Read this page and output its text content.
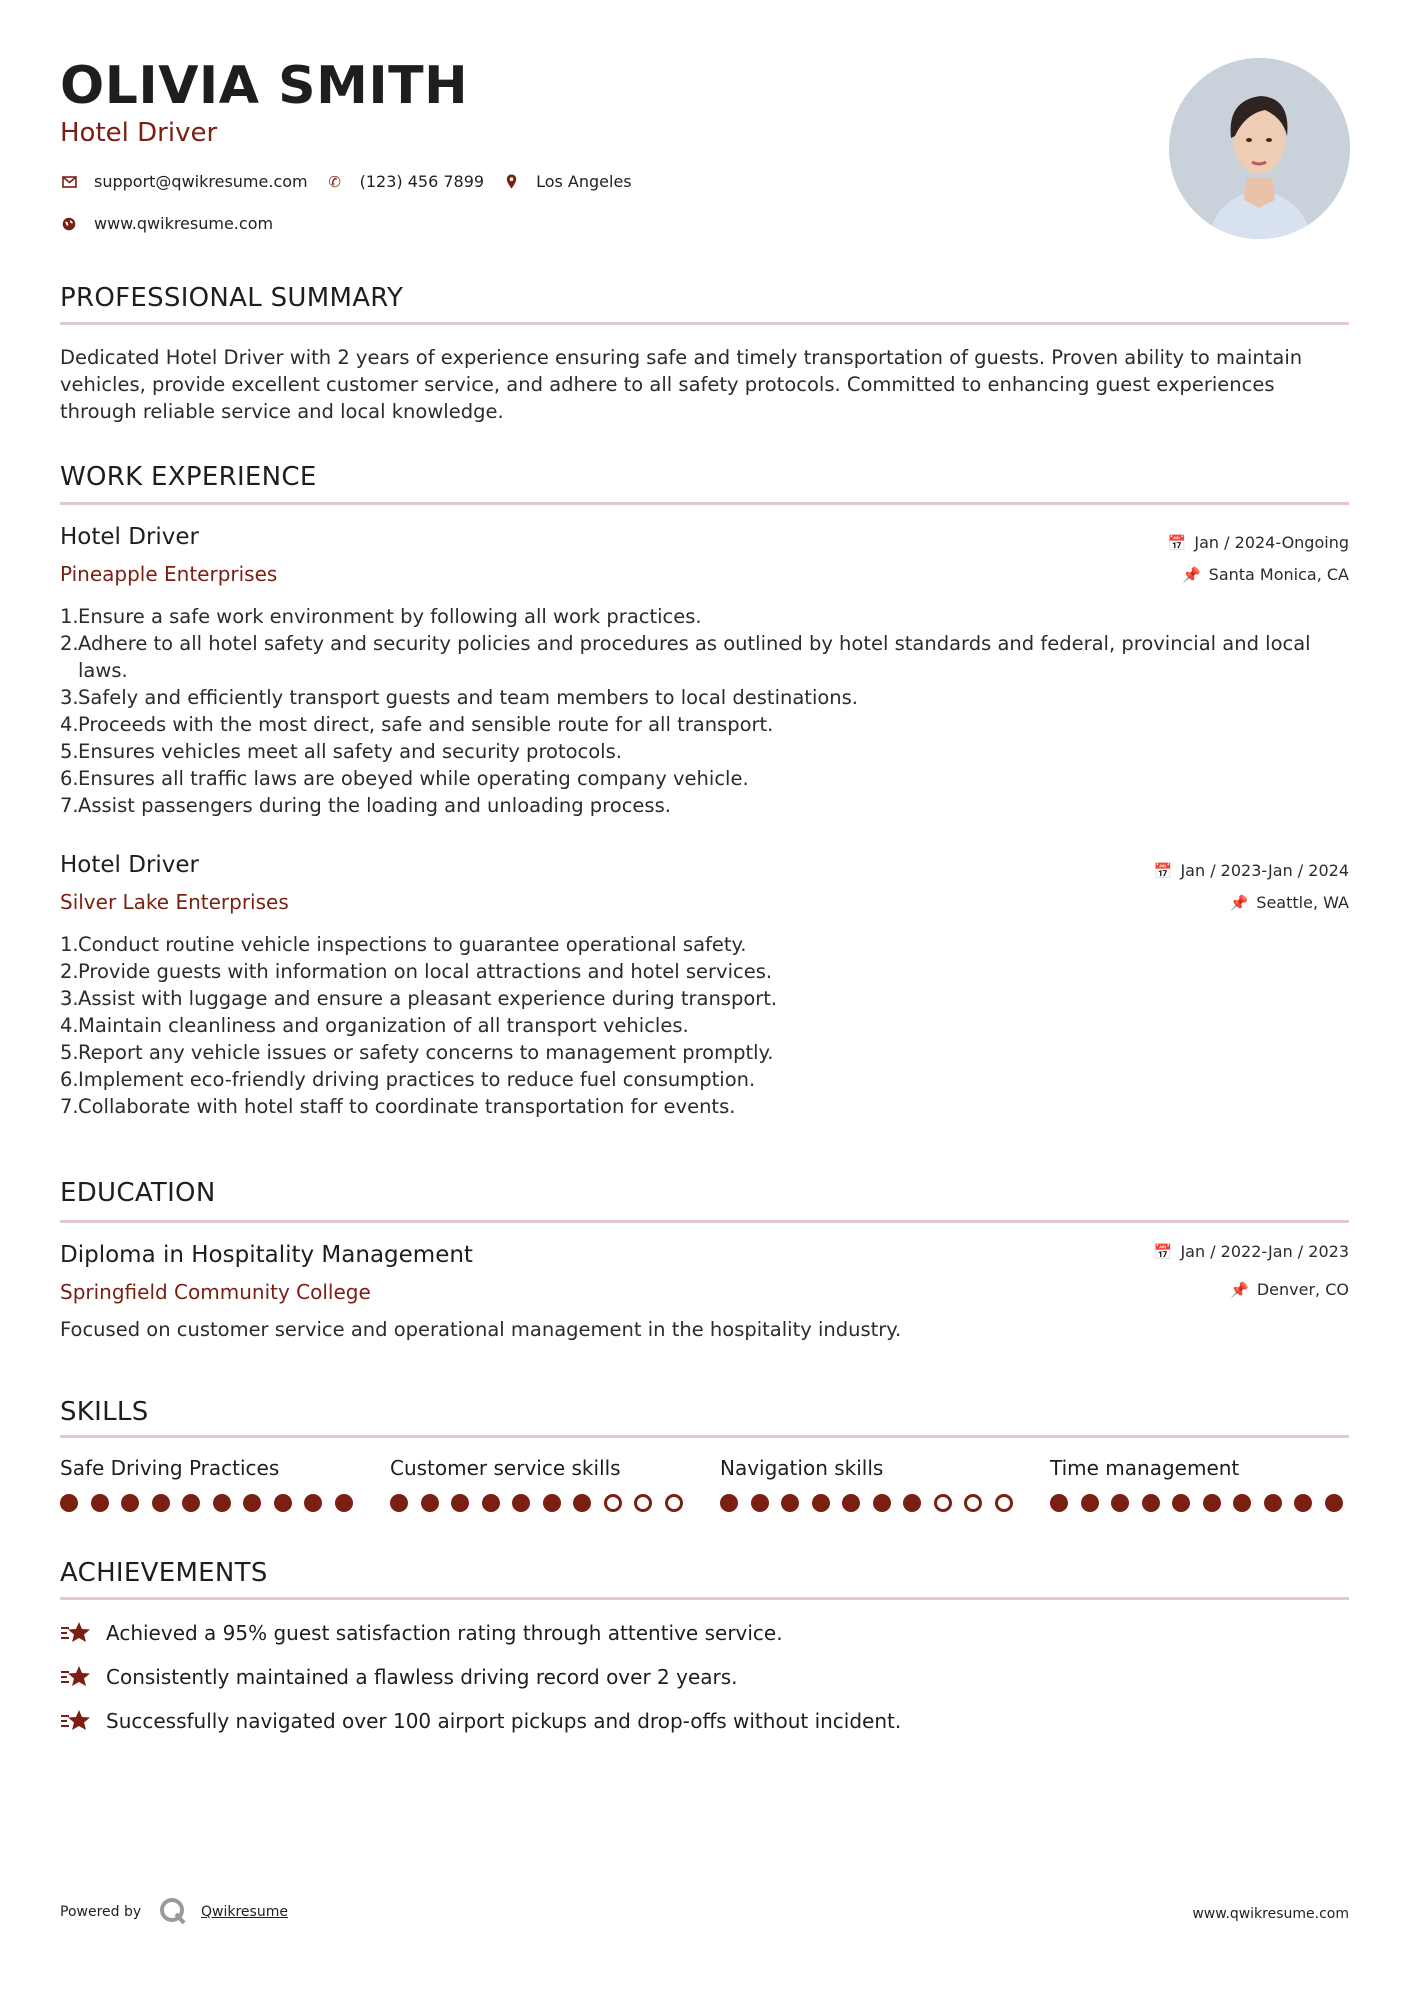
OLIVIA SMITH
Hotel Driver
support@qwikresume.com ✆ (123) 456 7899	Los Angeles
www.qwikresume.com
PROFESSIONAL SUMMARY
Dedicated Hotel Driver with 2 years of experience ensuring safe and timely transportation of guests. Proven ability to maintain vehicles, provide excellent customer service, and adhere to all safety protocols. Committed to enhancing guest experiences through reliable service and local knowledge.
WORK EXPERIENCE
Hotel Driver
Pineapple Enterprises
📅 Jan / 2024-Ongoing
📌 Santa Monica, CA
1. Ensure a safe work environment by following all work practices.
2. Adhere to all hotel safety and security policies and procedures as outlined by hotel standards and federal, provincial and local laws.
3. Safely and efficiently transport guests and team members to local destinations.
4. Proceeds with the most direct, safe and sensible route for all transport.
5. Ensures vehicles meet all safety and security protocols.
6. Ensures all traffic laws are obeyed while operating company vehicle.
7. Assist passengers during the loading and unloading process.
Hotel Driver
Silver Lake Enterprises
📅 Jan / 2023-Jan / 2024
📌 Seattle, WA
1. Conduct routine vehicle inspections to guarantee operational safety.
2. Provide guests with information on local attractions and hotel services.
3. Assist with luggage and ensure a pleasant experience during transport.
4. Maintain cleanliness and organization of all transport vehicles.
5. Report any vehicle issues or safety concerns to management promptly.
6. Implement eco-friendly driving practices to reduce fuel consumption.
7. Collaborate with hotel staff to coordinate transportation for events.
EDUCATION
Diploma in Hospitality Management
Springfield Community College
📅 Jan / 2022-Jan / 2023
📌 Denver, CO
Focused on customer service and operational management in the hospitality industry.
SKILLS
Safe Driving Practices	Customer service skills	Navigation skills	Time management
ACHIEVEMENTS
Achieved a 95% guest satisfaction rating through attentive service.
Consistently maintained a flawless driving record over 2 years.
Successfully navigated over 100 airport pickups and drop-offs without incident.
Powered by	Qwikresume	www.qwikresume.com
